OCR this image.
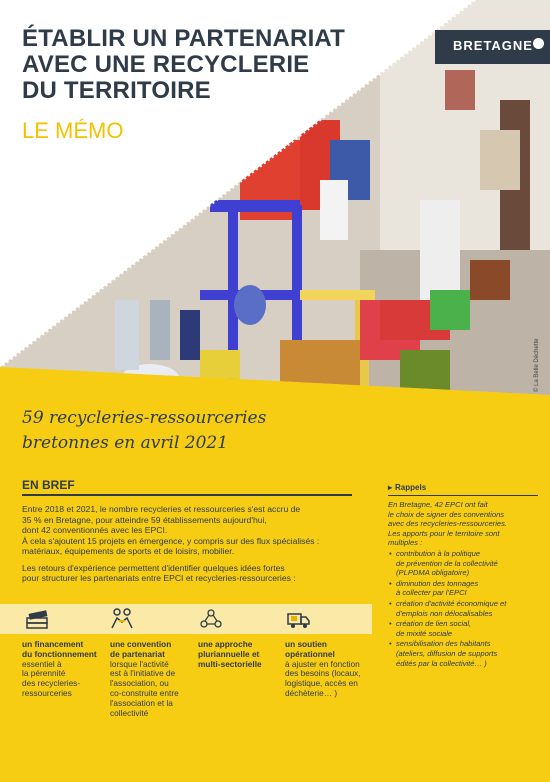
ÉTABLIR UN PARTENARIAT
AVEC UNE RECYCLERIE
DU TERRITOIRE
LE MÉMO
BRETAGNE
© La Belle Déchette
59 recycleries-ressourceries
bretonnes en avril 2021
EN BREF
Entre 2018 et 2021, le nombre recycleries et ressourceries s'est accru de
35 % en Bretagne, pour atteindre 59 établissements aujourd'hui,
dont 42 conventionnés avec les EPCI.
À cela s'ajoutent 15 projets en émergence, y compris sur des flux spécialisés :
matériaux, équipements de sports et de loisirs, mobilier.
Les retours d'expérience permettent d'identifier quelques idées fortes
pour structurer les partenariats entre EPCI et recycleries-ressourceries :
un financement
du fonctionnement
essentiel à
la pérennité
des recycleries-
ressourceries
une convention
de partenariat
lorsque l'activité
est à l'initiative de
l'association, ou
co-construite entre
l'association et la
collectivité
une approche
pluriannuelle et
multi-sectorielle
un soutien
opérationnel
à ajuster en fonction
des besoins (locaux,
logistique, accès en
déchèterie… )
▸ Rappels
En Bretagne, 42 EPCI ont fait
le choix de signer des conventions
avec des recycleries-ressourceries.
Les apports pour le territoire sont
multiples :
• contribution à la politique
de prévention de la collectivité
(PLPDMA obligatoire)
• diminution des tonnages
à collecter par l'EPCI
• création d'activité économique et
d'emplois non délocalisables
• création de lien social,
de mixité sociale
• sensibilisation des habitants
(ateliers, diffusion de supports
édités par la collectivité… )
